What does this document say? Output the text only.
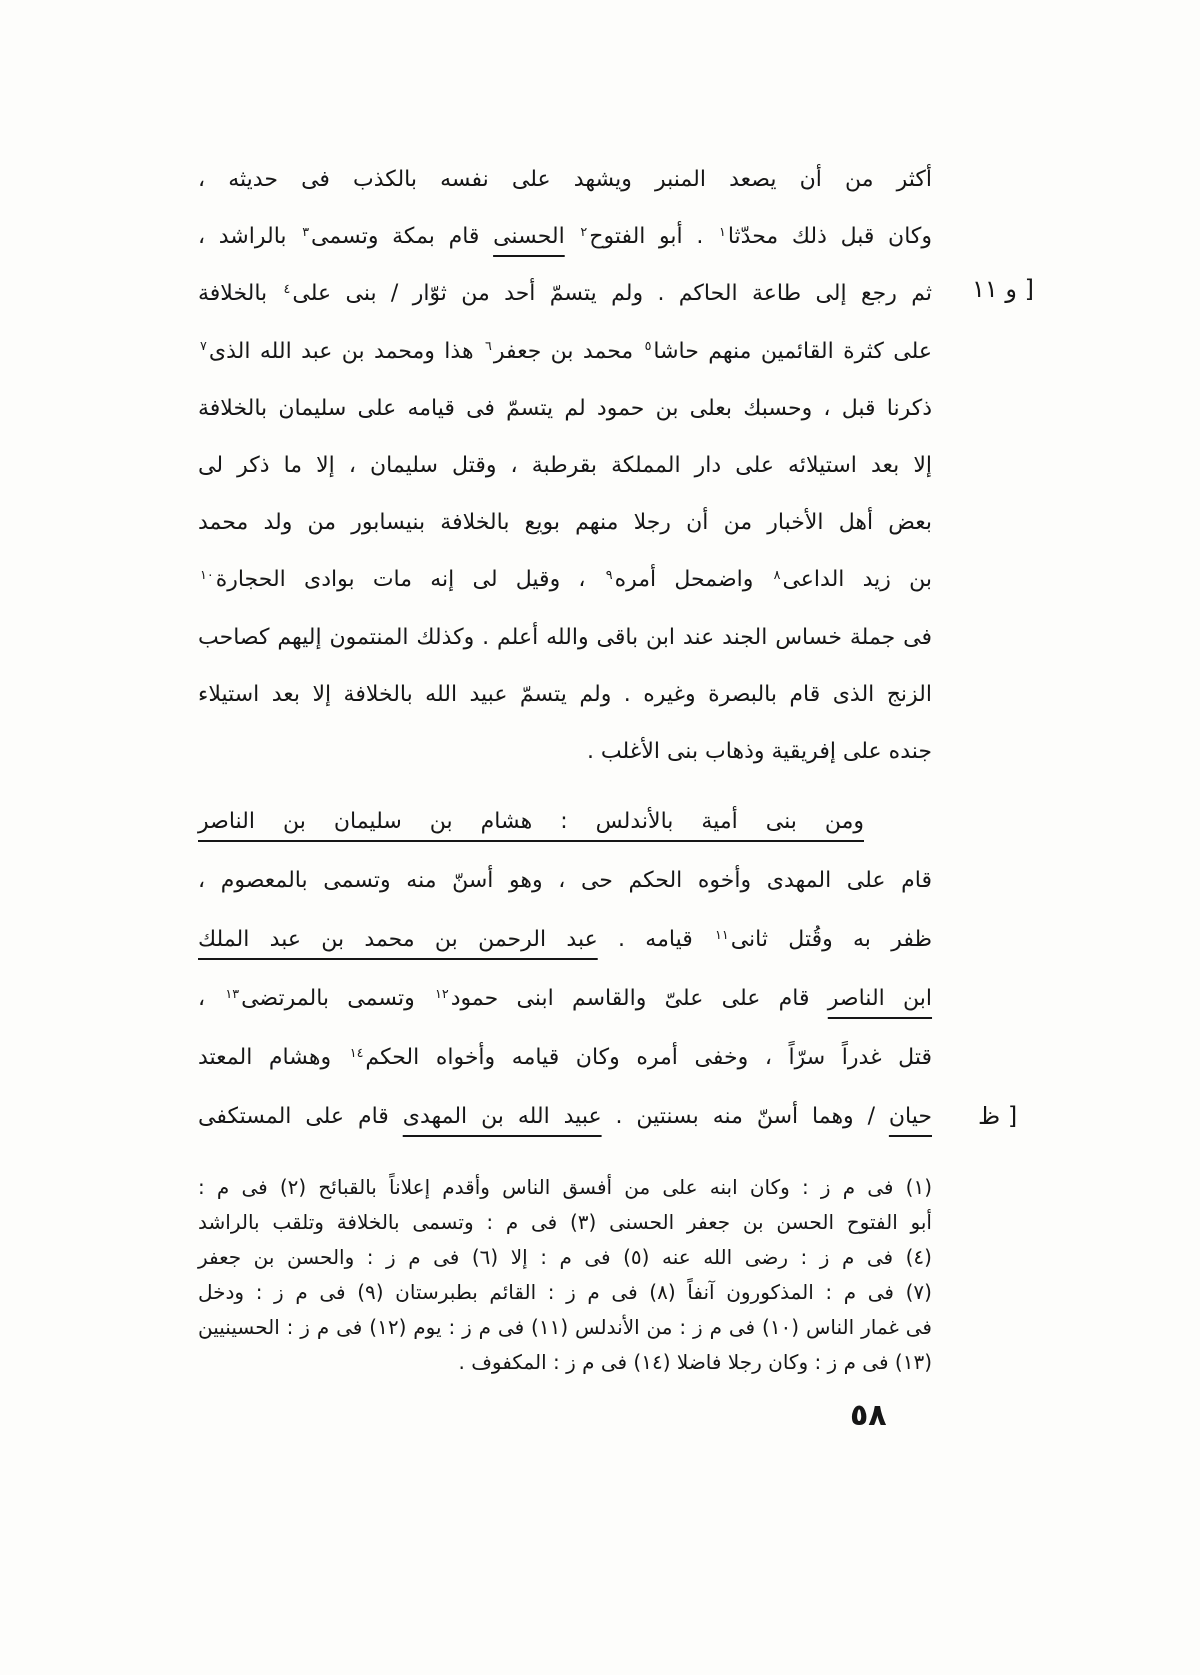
أكثر من أن يصعد المنبر ويشهد على نفسه بالكذب فى حديثه ،
وكان قبل ذلك محدّثا$^١$ . أبو الفتوح$^٢$ الحسنى قام بمكة وتسمى$^٣$ بالراشد ،
ثم رجع إلى طاعة الحاكم . ولم يتسمّ أحد من ثوّار / بنى على$^٤$ بالخلافة
على كثرة القائمين منهم حاشا$^٥$ محمد بن جعفر$^٦$ هذا ومحمد بن عبد الله الذى$^٧$
ذكرنا قبل ، وحسبك بعلى بن حمود لم يتسمّ فى قيامه على سليمان بالخلافة
إلا بعد استيلائه على دار المملكة بقرطبة ، وقتل سليمان ، إلا ما ذكر لى
بعض أهل الأخبار من أن رجلا منهم بويع بالخلافة بنيسابور من ولد محمد
بن زيد الداعى$^٨$ واضمحل أمره$^٩$ ، وقيل لى إنه مات بوادى الحجارة$^{١٠}$
فى جملة خساس الجند عند ابن باقى والله أعلم . وكذلك المنتمون إليهم كصاحب
الزنج الذى قام بالبصرة وغيره . ولم يتسمّ عبيد الله بالخلافة إلا بعد استيلاء
جنده على إفريقية وذهاب بنى الأغلب .
ومن بنى أمية بالأندلس : هشام بن سليمان بن الناصر
قام على المهدى وأخوه الحكم حى ، وهو أسنّ منه وتسمى بالمعصوم ،
ظفر به وقُتل ثانى$^{١١}$ قيامه . عبد الرحمن بن محمد بن عبد الملك
ابن الناصر قام على علىّ والقاسم ابنى حمود$^{١٢}$ وتسمى بالمرتضى$^{١٣}$ ،
قتل غدراً سرّاً ، وخفى أمره وكان قيامه وأخواه الحكم$^{١٤}$ وهشام المعتد
حيان / وهما أسنّ منه بسنتين . عبيد الله بن المهدى قام على المستكفى
١١ و ]
ظ ]
(١) فى م ز : وكان ابنه على من أفسق الناس وأقدم إعلاناً بالقبائح (٢) فى م :
أبو الفتوح الحسن بن جعفر الحسنى (٣) فى م : وتسمى بالخلافة وتلقب بالراشد
(٤) فى م ز : رضى الله عنه (٥) فى م : إلا (٦) فى م ز : والحسن بن جعفر
(٧) فى م : المذكورون آنفاً (٨) فى م ز : القائم بطبرستان (٩) فى م ز : ودخل
فى غمار الناس (١٠) فى م ز : من الأندلس (١١) فى م ز : يوم (١٢) فى م ز : الحسينيين
(١٣) فى م ز : وكان رجلا فاضلا (١٤) فى م ز : المكفوف .
٥٨
